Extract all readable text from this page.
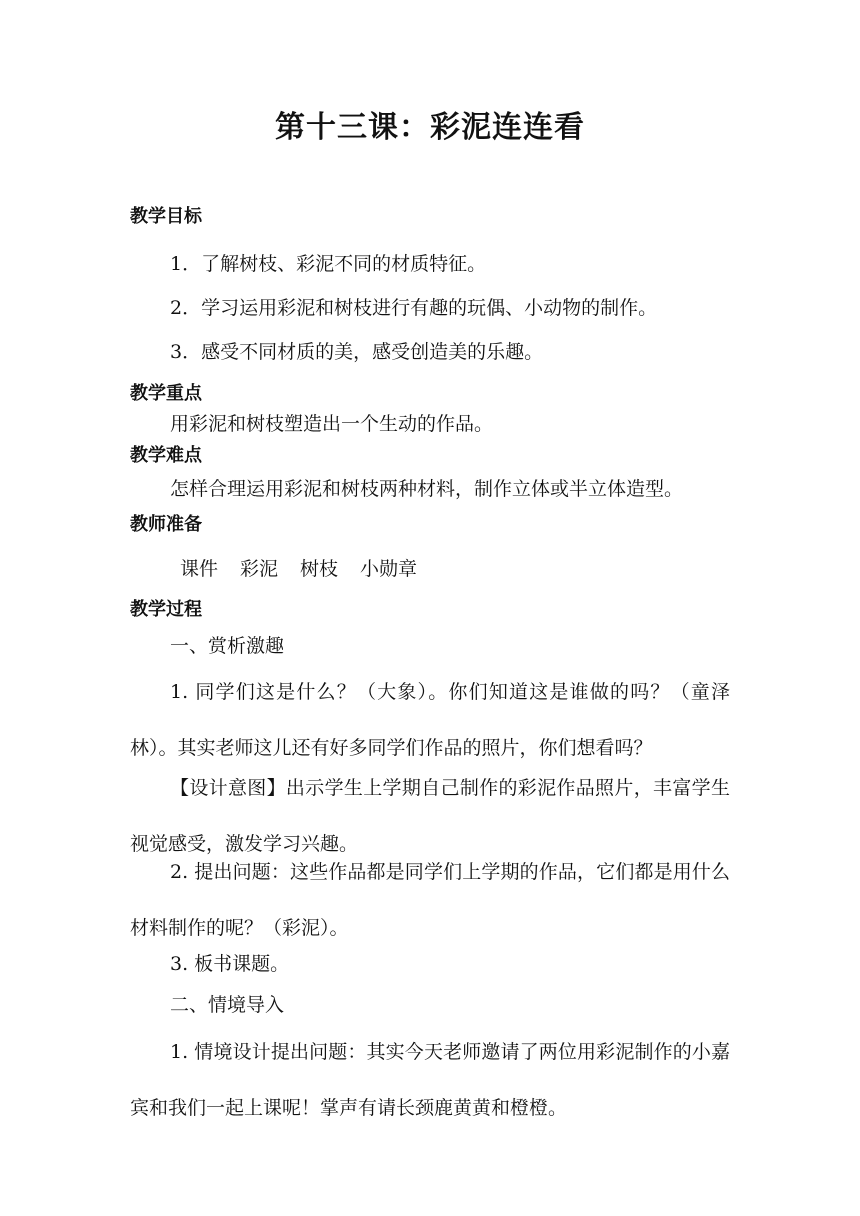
第十三课：彩泥连连看
教学目标
1．了解树枝、彩泥不同的材质特征。
2．学习运用彩泥和树枝进行有趣的玩偶、小动物的制作。
3．感受不同材质的美，感受创造美的乐趣。
教学重点
用彩泥和树枝塑造出一个生动的作品。
教学难点
怎样合理运用彩泥和树枝两种材料，制作立体或半立体造型。
教师准备
课件 彩泥 树枝 小勋章
教学过程
一、赏析激趣

1. 同学们这是什么？（大象）。你们知道这是谁做的吗？（童泽林）。其实老师这儿还有好多同学们作品的照片，你们想看吗？

【设计意图】出示学生上学期自己制作的彩泥作品照片，丰富学生视觉感受，激发学习兴趣。

2. 提出问题：这些作品都是同学们上学期的作品，它们都是用什么材料制作的呢？（彩泥）。

3. 板书课题。
二、情境导入

1. 情境设计提出问题：其实今天老师邀请了两位用彩泥制作的小嘉宾和我们一起上课呢！掌声有请长颈鹿黄黄和橙橙。
